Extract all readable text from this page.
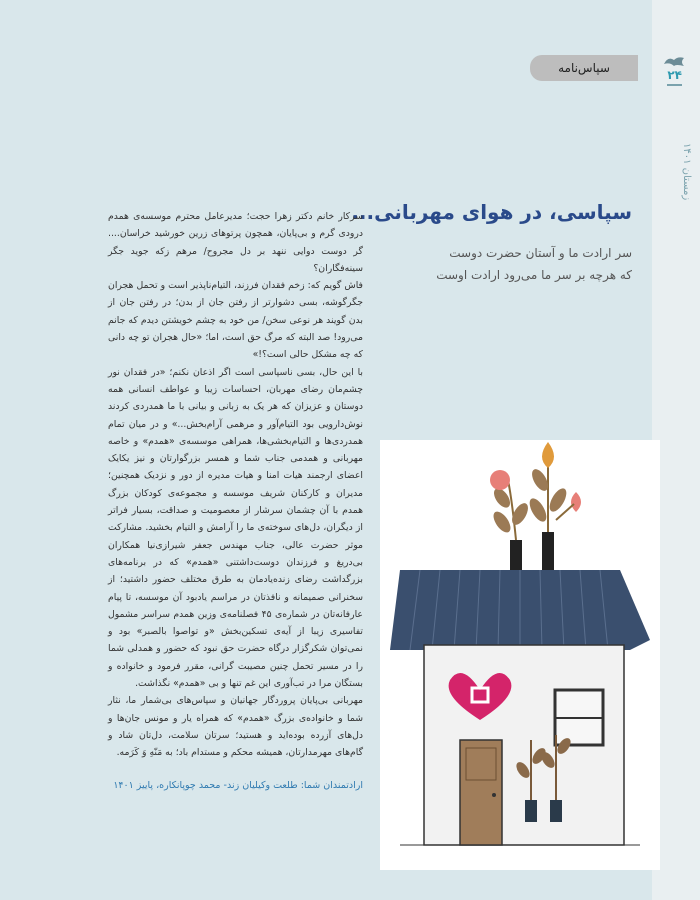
سپاس‌نامه	۲۴
زمستان ۱۴۰۱
سپاسی، در هوای مهربانی...
سر ارادت ما و آستان حضرت دوست
که هرچه بر سر ما می‌رود ارادت اوست

سرکار خانم دکتر زهرا حجت؛ مدیرعامل محترم موسسه‌ی همدم درودی گرم و بی‌پایان، همچون پرتوهای زرین خورشید خراسان.... گر دوست دوایی ننهد بر دل مجروح/ مرهم زکه جوید جگر سینه‌فگاران؟

فاش گویم که: زخم فقدان فرزند، التیام‌ناپذیر است و تحمل هجران جگرگوشه، بسی دشوارتر از رفتن جان از بدن؛ در رفتن جان از بدن گویند هر نوعی سخن/ من خود به چشم خویشتن دیدم که جانم می‌رود! صد البته که مرگ حق است، اما؛ «حال هجران تو چه دانی که چه مشکل حالی است؟!»

با این حال، بسی ناسپاسی است اگر اذعان نکنم؛ «در فقدان نور چشم‌مان رضای مهربان، احساسات زیبا و عواطف انسانی همه دوستان و عزیزان که هر یک به زبانی و بیانی با ما همدردی کردند نوش‌دارویی بود التیام‌آور و مرهمی آرام‌بخش...» و در میان تمام همدردی‌ها و التیام‌بخشی‌ها، همراهی موسسه‌ی «همدم» و خاصه مهربانی و همدمی جناب شما و همسر بزرگوارتان و نیز یکایک اعضای ارجمند هیات امنا و هیات مدیره از دور و نزدیک همچنین؛ مدیران و کارکنان شریف موسسه و مجموعه‌ی کودکان بزرگ همدم با آن چشمان سرشار از معصومیت و صداقت، بسیار فراتر از دیگران، دل‌های سوخته‌ی ما را آرامش و التیام بخشید. مشارکت موثر حضرت عالی، جناب مهندس جعفر شیرازی‌نیا همکاران بی‌دریغ و فرزندان دوست‌داشتنی «همدم» که در برنامه‌های بزرگداشت رضای زنده‌یادمان به طرق مختلف حضور داشتید؛ از سخنرانی صمیمانه و نافذتان در مراسم یادبود آن موسسه، تا پیام عارفانه‌تان در شماره‌ی ۴۵ فصلنامه‌ی وزین همدم سراسر مشمول تفاسیری زیبا از آیه‌ی تسکین‌بخش «و تواصوا بالصبر» بود و نمی‌توان شکرگزار درگاه حضرت حق نبود که حضور و همدلی شما را در مسیر تحمل چنین مصیبت گرانی، مقرر فرمود و خانواده و بستگان مرا در تب‌آوری این غم تنها و بی «همدم» نگذاشت.

مهربانی بی‌پایان پروردگار جهانیان و سپاس‌های بی‌شمار ما، نثار شما و خانواده‌ی بزرگ «همدم» که همراه یار و مونس جان‌ها و دل‌های آزرده بوده‌اید و هستید؛ سرتان سلامت، دل‌تان شاد و گام‌های مهرمدارتان، همیشه محکم و مستدام باد؛ به مَنّهِ وَ کَرَمه.

ارادتمندان شما: طلعت وکیلیان زند- محمد چوپانکاره، پاییز ۱۴۰۱
